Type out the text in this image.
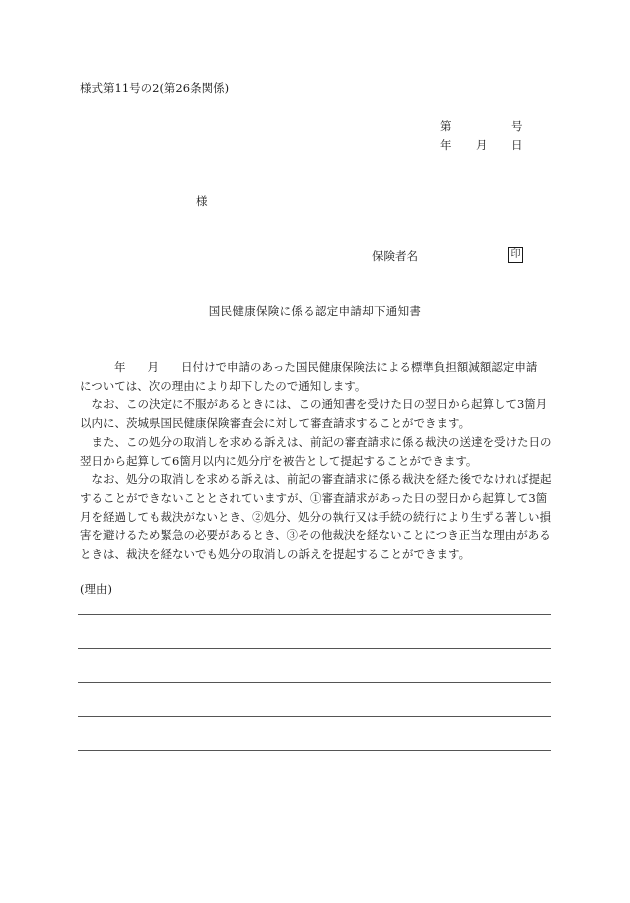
様式第11号の2(第26条関係)
第	号
年 月 日
様
保険者名	印
国民健康保険に係る認定申請却下通知書

年 月 日付けで申請のあった国民健康保険法による標準負担額減額認定申請
については、次の理由により却下したので通知します。

なお、この決定に不服があるときには、この通知書を受けた日の翌日から起算して3箇月以内に、茨城県国民健康保険審査会に対して審査請求することができます。

また、この処分の取消しを求める訴えは、前記の審査請求に係る裁決の送達を受けた日の翌日から起算して6箇月以内に処分庁を被告として提起することができます。

なお、処分の取消しを求める訴えは、前記の審査請求に係る裁決を経た後でなければ提起することができないこととされていますが、①審査請求があった日の翌日から起算して3箇月を経過しても裁決がないとき、②処分、処分の執行又は手続の続行により生ずる著しい損害を避けるため緊急の必要があるとき、③その他裁決を経ないことにつき正当な理由があるときは、裁決を経ないでも処分の取消しの訴えを提起することができます。

(理由)
